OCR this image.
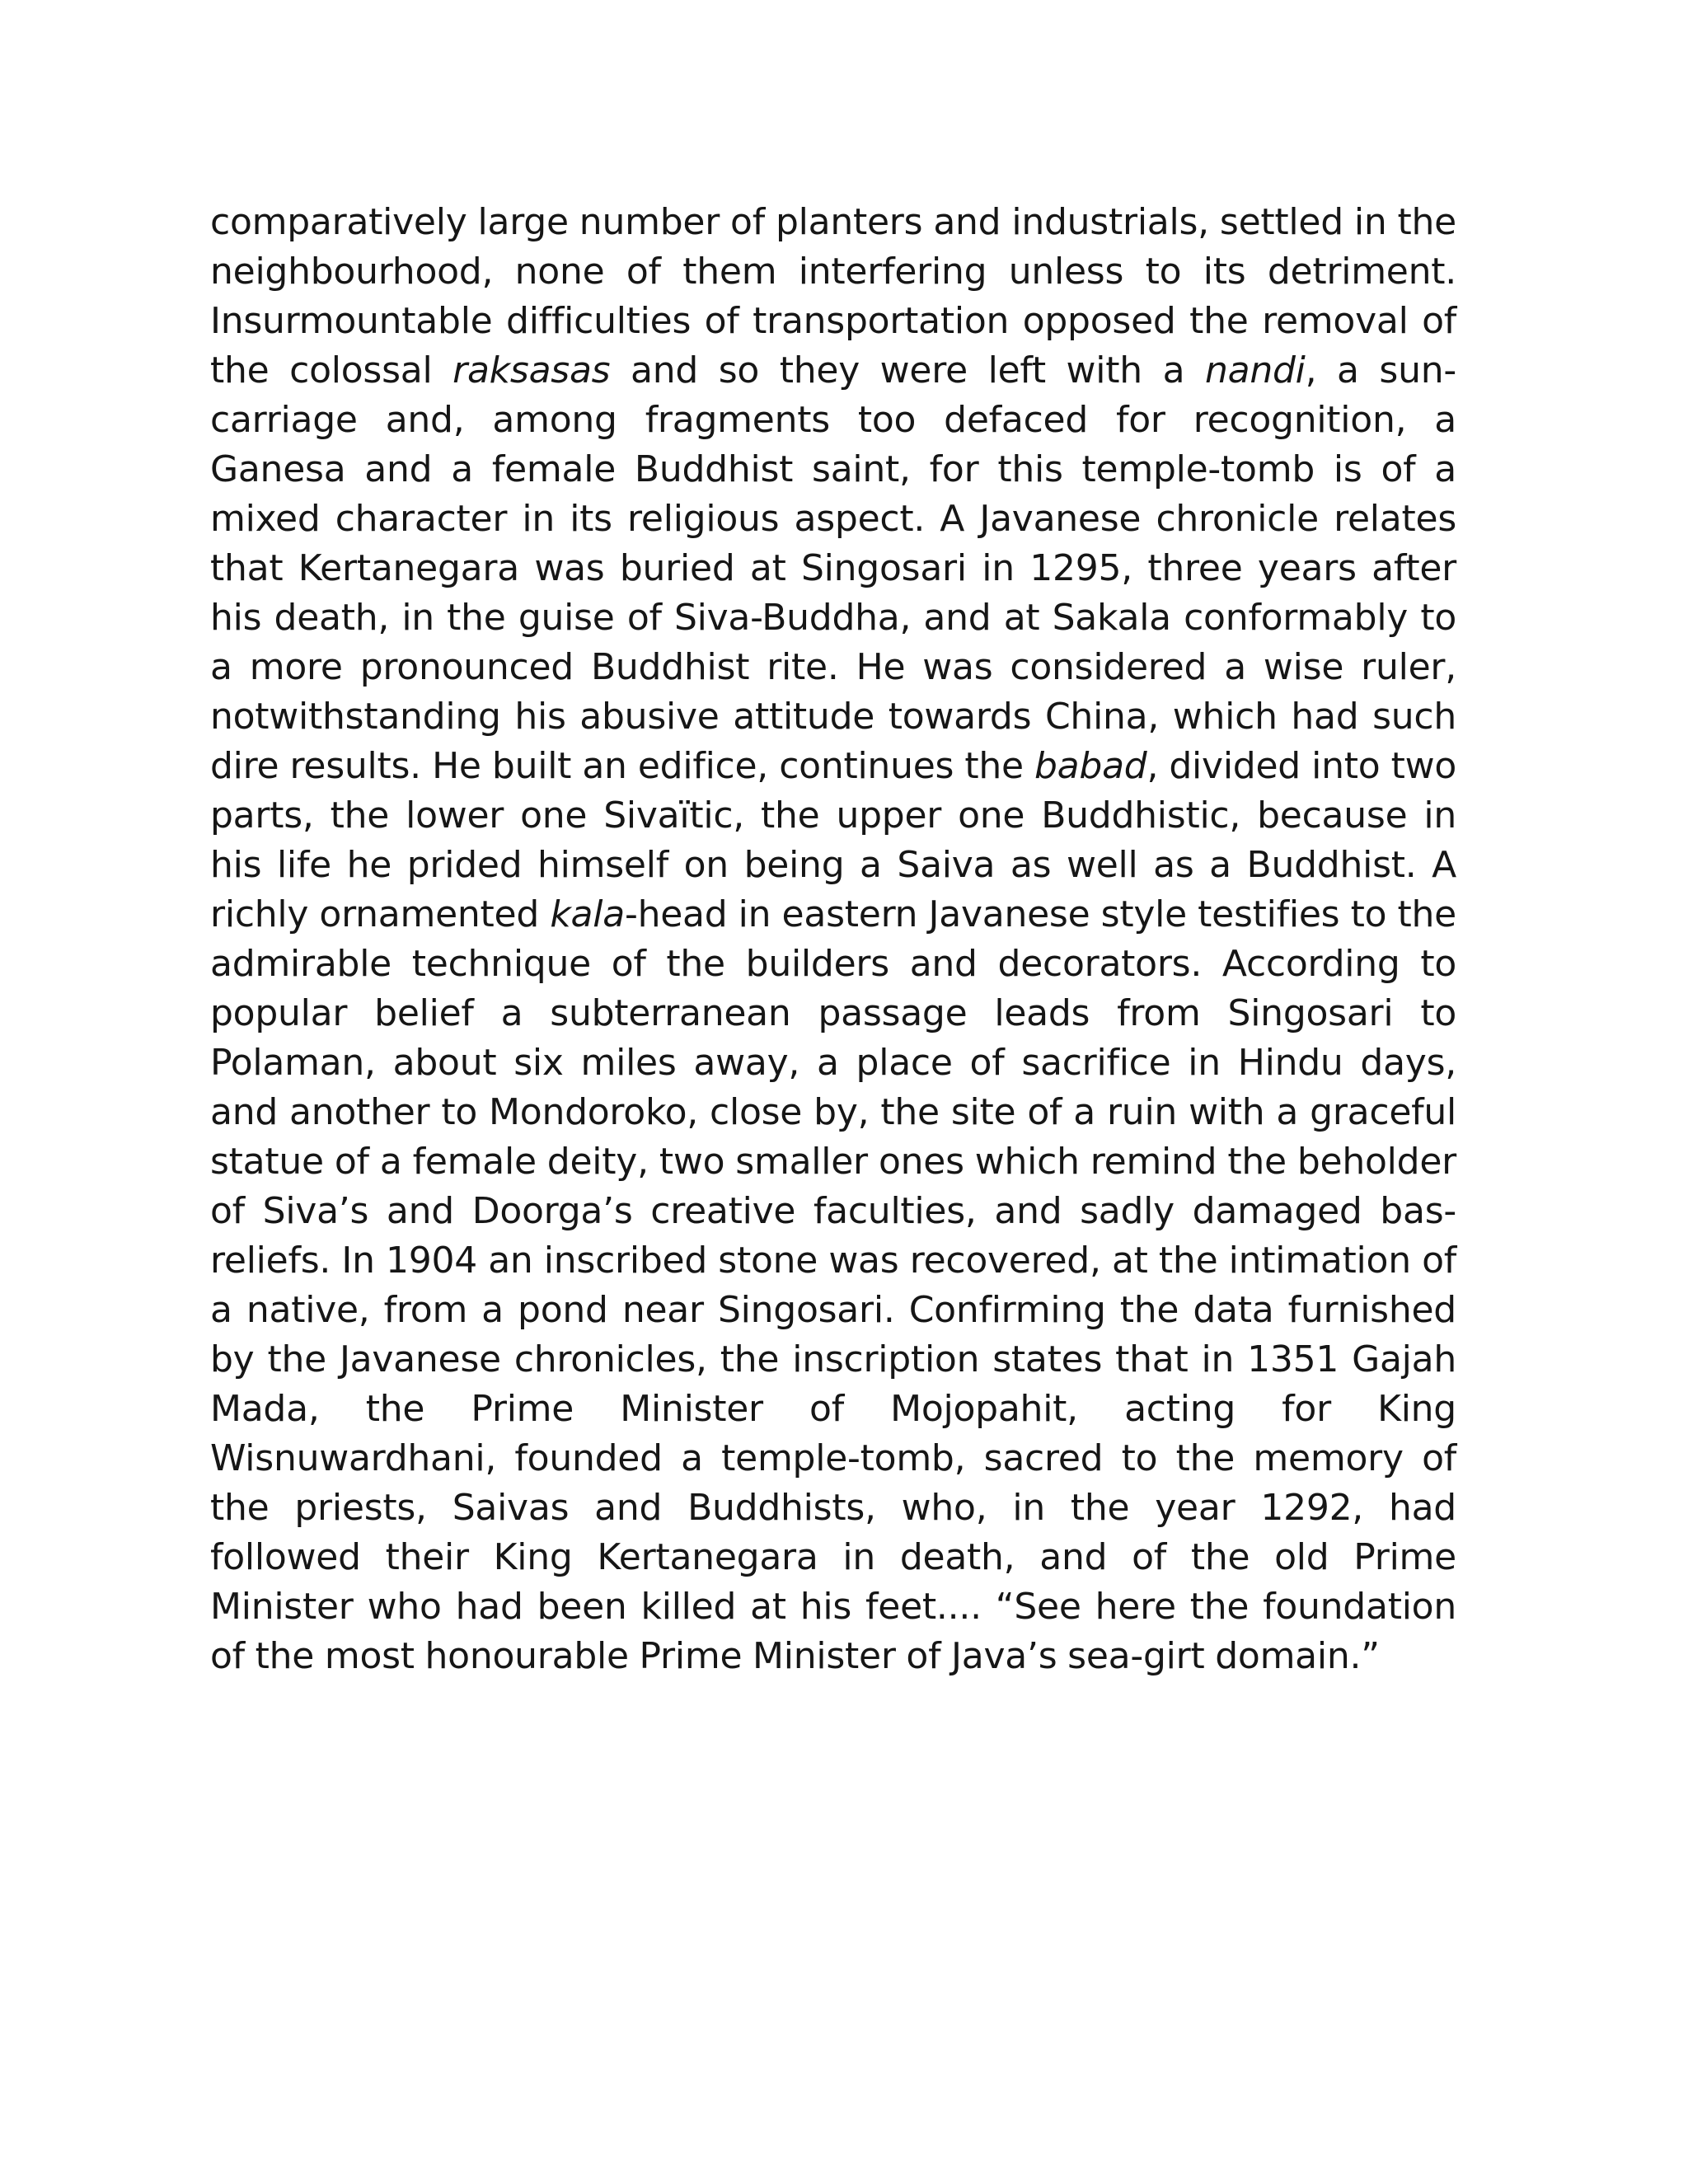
comparatively large number of planters and industrials, settled in the neighbourhood, none of them interfering unless to its detriment. Insurmountable difficulties of transportation opposed the removal of the colossal raksasas and so they were left with a nandi, a sun-carriage and, among fragments too defaced for recognition, a Ganesa and a female Buddhist saint, for this temple-tomb is of a mixed character in its religious aspect. A Javanese chronicle relates that Kertanegara was buried at Singosari in 1295, three years after his death, in the guise of Siva-Buddha, and at Sakala conformably to a more pronounced Buddhist rite. He was considered a wise ruler, notwithstanding his abusive attitude towards China, which had such dire results. He built an edifice, continues the babad, divided into two parts, the lower one Sivaïtic, the upper one Buddhistic, because in his life he prided himself on being a Saiva as well as a Buddhist. A richly ornamented kala-head in eastern Javanese style testifies to the admirable technique of the builders and decorators. According to popular belief a subterranean passage leads from Singosari to Polaman, about six miles away, a place of sacrifice in Hindu days, and another to Mondoroko, close by, the site of a ruin with a graceful statue of a female deity, two smaller ones which remind the beholder of Siva’s and Doorga’s creative faculties, and sadly damaged bas-reliefs. In 1904 an inscribed stone was recovered, at the intimation of a native, from a pond near Singosari. Confirming the data furnished by the Javanese chronicles, the inscription states that in 1351 Gajah Mada, the Prime Minister of Mojopahit, acting for King Wisnuwardhani, founded a temple-tomb, sacred to the memory of the priests, Saivas and Buddhists, who, in the year 1292, had followed their King Kertanegara in death, and of the old Prime Minister who had been killed at his feet.... “See here the foundation of the most honourable Prime Minister of Java’s sea-girt domain.”
